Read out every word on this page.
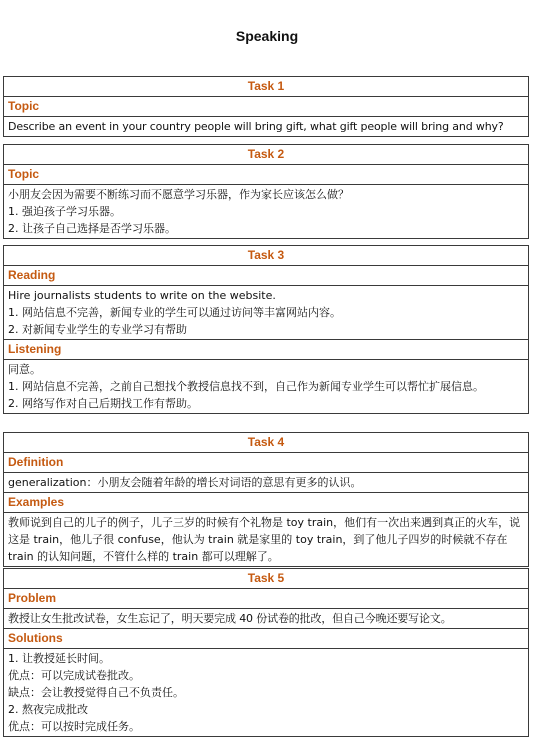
Speaking
Task 1
Topic

Describe an event in your country people will bring gift, what gift people will bring and why?
Task 2
Topic

小朋友会因为需要不断练习而不愿意学习乐器，作为家长应该怎么做？
1. 强迫孩子学习乐器。
2. 让孩子自己选择是否学习乐器。
Task 3
Reading

Hire journalists students to write on the website.
1. 网站信息不完善，新闻专业的学生可以通过访问等丰富网站内容。
2. 对新闻专业学生的专业学习有帮助

Listening

同意。
1. 网站信息不完善，之前自己想找个教授信息找不到，自己作为新闻专业学生可以帮忙扩展信息。
2. 网络写作对自己后期找工作有帮助。
Task 4
Definition

generalization：小朋友会随着年龄的增长对词语的意思有更多的认识。

Examples

教师说到自己的儿子的例子，儿子三岁的时候有个礼物是 toy train，他们有一次出来遇到真正的火车，说这是 train，他儿子很 confuse，他认为 train 就是家里的 toy train，到了他儿子四岁的时候就不存在 train 的认知问题，不管什么样的 train 都可以理解了。
Task 5
Problem

教授让女生批改试卷，女生忘记了，明天要完成 40 份试卷的批改，但自己今晚还要写论文。

Solutions

1. 让教授延长时间。
优点：可以完成试卷批改。
缺点：会让教授觉得自己不负责任。
2. 熬夜完成批改
优点：可以按时完成任务。
